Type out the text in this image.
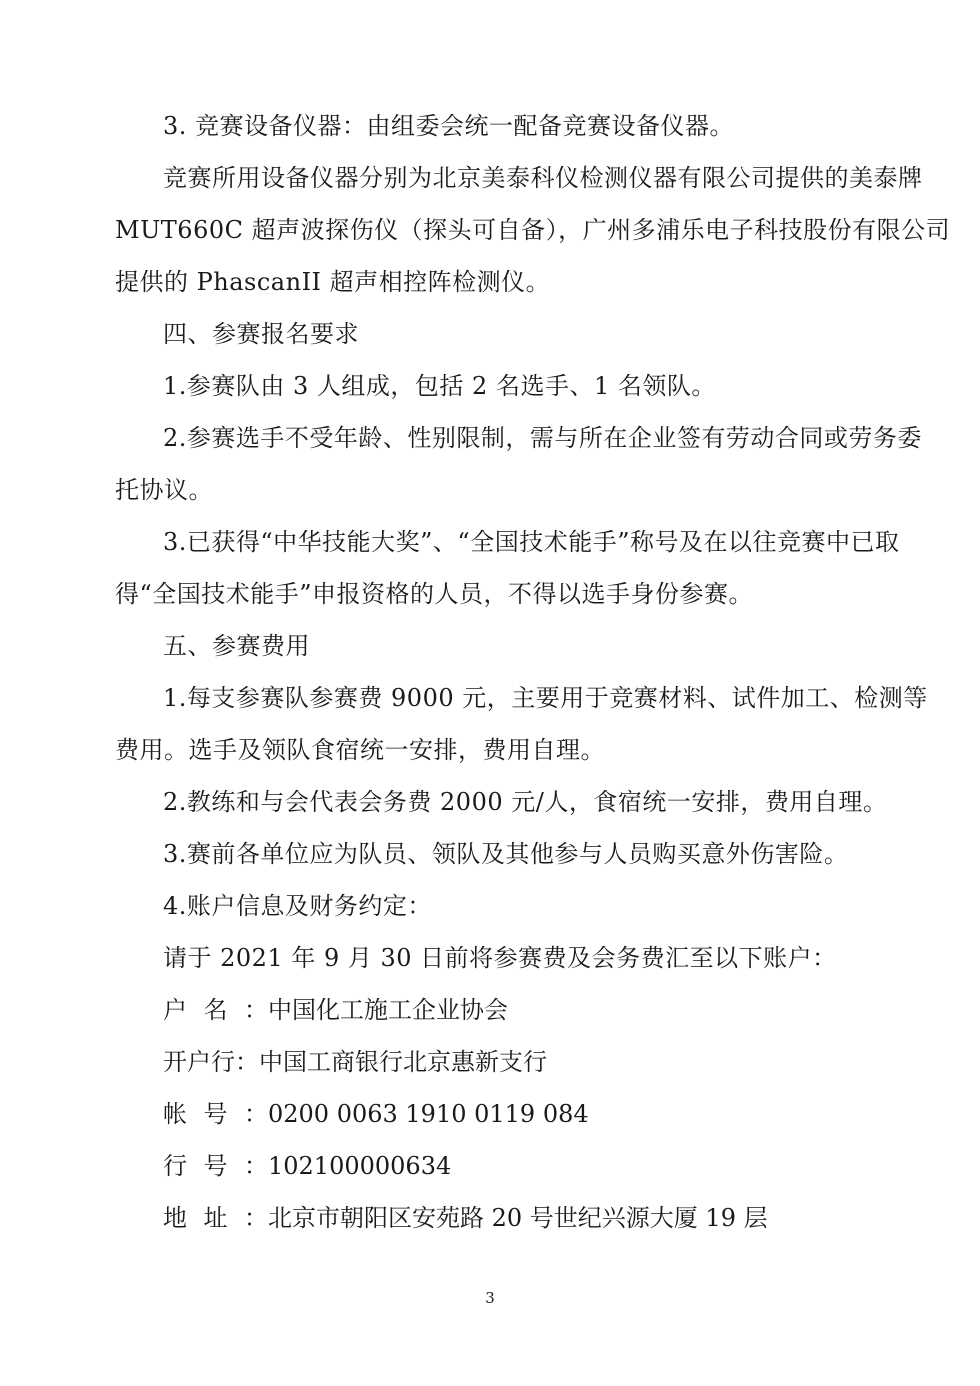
3. 竞赛设备仪器：由组委会统一配备竞赛设备仪器。
竞赛所用设备仪器分别为北京美泰科仪检测仪器有限公司提供的美泰牌
MUT660C 超声波探伤仪（探头可自备），广州多浦乐电子科技股份有限公司
提供的 PhascanII 超声相控阵检测仪。
四、参赛报名要求
1.参赛队由 3 人组成，包括 2 名选手、1 名领队。
2.参赛选手不受年龄、性别限制，需与所在企业签有劳动合同或劳务委
托协议。
3.已获得“中华技能大奖”、“全国技术能手”称号及在以往竞赛中已取
得“全国技术能手”申报资格的人员，不得以选手身份参赛。
五、参赛费用
1.每支参赛队参赛费 9000 元，主要用于竞赛材料、试件加工、检测等
费用。选手及领队食宿统一安排，费用自理。
2.教练和与会代表会务费 2000 元/人，食宿统一安排，费用自理。
3.赛前各单位应为队员、领队及其他参与人员购买意外伤害险。
4.账户信息及财务约定：
请于 2021 年 9 月 30 日前将参赛费及会务费汇至以下账户：
户名：中国化工施工企业协会
开户行：中国工商银行北京惠新支行
帐号：0200 0063 1910 0119 084
行号：102100000634
地址：北京市朝阳区安苑路 20 号世纪兴源大厦 19 层
3
